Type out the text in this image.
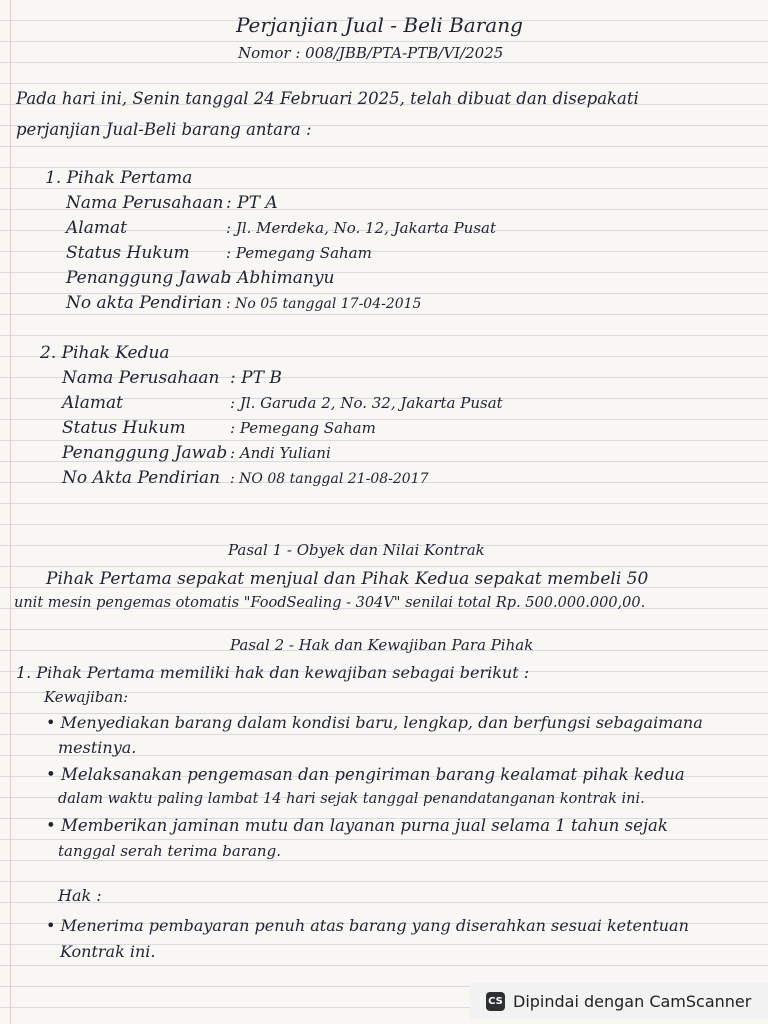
Perjanjian Jual - Beli Barang
Nomor : 008/JBB/PTA-PTB/VI/2025
Pada hari ini, Senin tanggal 24 Februari 2025, telah dibuat dan disepakati
perjanjian Jual-Beli barang antara :
1. Pihak Pertama
Nama Perusahaan : PT A
Alamat	: Jl. Merdeka, No. 12, Jakarta Pusat
Status Hukum : Pemegang Saham
Penanggung Jawab: Abhimanyu
No akta Pendirian : No 05 tanggal 17-04-2015
2. Pihak Kedua
Nama Perusahaan : PT B
Alamat	: Jl. Garuda 2, No. 32, Jakarta Pusat
Status Hukum	: Pemegang Saham
Penanggung Jawab : Andi Yuliani
No Akta Pendirian : NO 08 tanggal 21-08-2017
Pasal 1 - Obyek dan Nilai Kontrak
Pihak Pertama sepakat menjual dan Pihak Kedua sepakat membeli 50
unit mesin pengemas otomatis "FoodSealing - 304V" senilai total Rp. 500.000.000,00.
Pasal 2 - Hak dan Kewajiban Para Pihak
1. Pihak Pertama memiliki hak dan kewajiban sebagai berikut :
Kewajiban:
• Menyediakan barang dalam kondisi baru, lengkap, dan berfungsi sebagaimana
mestinya.
• Melaksanakan pengemasan dan pengiriman barang kealamat pihak kedua
dalam waktu paling lambat 14 hari sejak tanggal penandatanganan kontrak ini.
• Memberikan jaminan mutu dan layanan purna jual selama 1 tahun sejak
tanggal serah terima barang.
Hak :
• Menerima pembayaran penuh atas barang yang diserahkan sesuai ketentuan
Kontrak ini.
CS Dipindai dengan CamScanner
